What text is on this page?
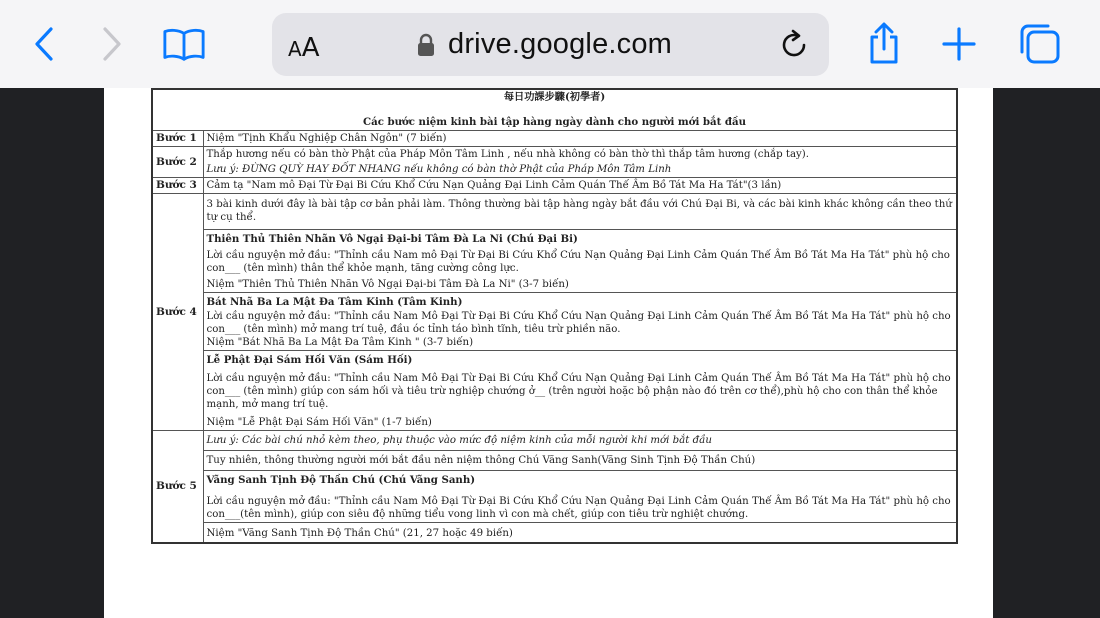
A A	drive.google.com
每日功課步驟(初學者)	
Các bước niệm kinh bài tập hàng ngày dành cho người mới bắt đầu	
Bước 1	Niệm "Tịnh Khẩu Nghiệp Chân Ngôn" (7 biến)
Bước 2	Thắp hương nếu có bàn thờ Phật của Pháp Môn Tâm Linh , nếu nhà không có bàn thờ thì thắp tâm hương (chắp tay).
Lưu ý: ĐỪNG QUỲ HAY ĐỐT NHANG nếu không có bàn thờ Phật của Pháp Môn Tâm Linh

Bước 3	Cảm tạ "Nam mô Đại Từ Đại Bi Cứu Khổ Cứu Nạn Quảng Đại Linh Cảm Quán Thế Âm Bồ Tát Ma Ha Tát"(3 lần)
Bước 4	3 bài kinh dưới đây là bài tập cơ bản phải làm. Thông thường bài tập hàng ngày bắt đầu với Chú Đại Bi, và các bài kinh khác không cần theo thứ tự cụ thể.

	Thiên Thủ Thiên Nhãn Vô Ngại Đại-bi Tâm Đà La Ni (Chú Đại Bi)
Lời cầu nguyện mở đầu: "Thỉnh cầu Nam mô Đại Từ Đại Bi Cứu Khổ Cứu Nạn Quảng Đại Linh Cảm Quán Thế Âm Bồ Tát Ma Ha Tát" phù hộ cho con___ (tên mình) thân thể khỏe mạnh, tăng cường công lực.
Niệm "Thiên Thủ Thiên Nhãn Vô Ngại Đại-bi Tâm Đà La Ni" (3-7 biến)

	Bát Nhã Ba La Mật Đa Tâm Kinh (Tâm Kinh)
Lời cầu nguyện mở đầu: "Thỉnh cầu Nam Mô Đại Từ Đại Bi Cứu Khổ Cứu Nạn Quảng Đại Linh Cảm Quán Thế Âm Bồ Tát Ma Ha Tát" phù hộ cho con___ (tên mình) mở mang trí tuệ, đầu óc tỉnh táo bình tĩnh, tiêu trừ phiền não.
Niệm "Bát Nhã Ba La Mật Đa Tâm Kinh " (3-7 biến)

	Lễ Phật Đại Sám Hối Văn (Sám Hối)
Lời cầu nguyện mở đầu: "Thỉnh cầu Nam Mô Đại Từ Đại Bi Cứu Khổ Cứu Nạn Quảng Đại Linh Cảm Quán Thế Âm Bồ Tát Ma Ha Tát" phù hộ cho con___ (tên mình) giúp con sám hối và tiêu trừ nghiệp chướng ở__ (trên người hoặc bộ phận nào đó trên cơ thể),phù hộ cho con thân thể khỏe mạnh, mở mang trí tuệ.
Niệm "Lễ Phật Đại Sám Hối Văn" (1-7 biến)

Bước 5	Lưu ý: Các bài chú nhỏ kèm theo, phụ thuộc vào mức độ niệm kinh của mỗi người khi mới bắt đầu
	Tuy nhiên, thông thường người mới bắt đầu nên niệm thông Chú Vãng Sanh(Vãng Sinh Tịnh Độ Thần Chú)

	Vãng Sanh Tịnh Độ Thần Chú (Chú Vãng Sanh)
Lời cầu nguyện mở đầu: "Thỉnh cầu Nam Mô Đại Từ Đại Bi Cứu Khổ Cứu Nạn Quảng Đại Linh Cảm Quán Thế Âm Bồ Tát Ma Ha Tát" phù hộ cho con___(tên mình), giúp con siêu độ những tiểu vong linh vì con mà chết, giúp con tiêu trừ nghiệt chướng.

	Niệm "Vãng Sanh Tịnh Độ Thần Chú" (21, 27 hoặc 49 biến)
